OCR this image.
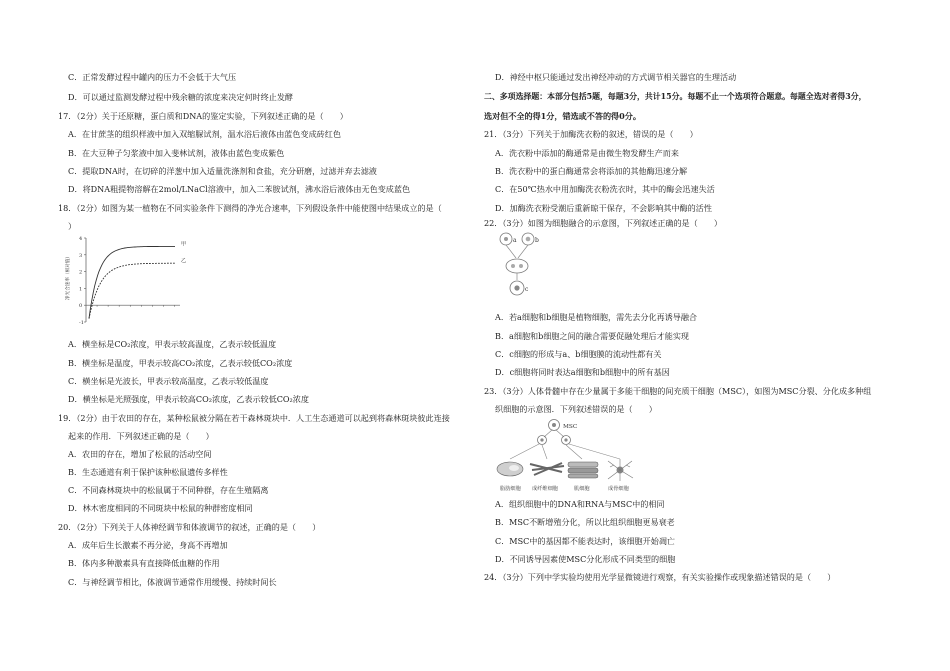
C．正常发酵过程中罐内的压力不会低于大气压
D．可以通过监测发酵过程中残余糖的浓度来决定何时终止发酵
17．（2分）关于还原糖，蛋白质和DNA的鉴定实验，下列叙述正确的是（　　）
A．在甘蔗茎的组织样液中加入双缩脲试剂，温水浴后液体由蓝色变成砖红色
B．在大豆种子匀浆液中加入斐林试剂，液体由蓝色变成紫色
C．提取DNA时，在切碎的洋葱中加入适量洗涤剂和食盐，充分研磨，过滤并弃去滤液
D．将DNA粗提物溶解在2mol/LNaCl溶液中，加入二苯胺试剂，沸水浴后液体由无色变成蓝色
18．（2分）如图为某一植物在不同实验条件下测得的净光合速率，下列假设条件中能使图中结果成立的是（
）
4
3
2
1
0
-1
净光合速率（相对值）
甲
乙
A．横坐标是CO₂浓度，甲表示较高温度，乙表示较低温度
B．横坐标是温度，甲表示较高CO₂浓度，乙表示较低CO₂浓度
C．横坐标是光波长，甲表示较高温度，乙表示较低温度
D．横坐标是光照强度，甲表示较高CO₂浓度，乙表示较低CO₂浓度
19．（2分）由于农田的存在，某种松鼠被分隔在若干森林斑块中．人工生态通道可以起到将森林斑块彼此连接
起来的作用．下列叙述正确的是（　　）
A．农田的存在，增加了松鼠的活动空间
B．生态通道有利于保护该种松鼠遗传多样性
C．不同森林斑块中的松鼠属于不同种群，存在生殖隔离
D．林木密度相同的不同斑块中松鼠的种群密度相同
20．（2分）下列关于人体神经调节和体液调节的叙述，正确的是（　　）
A．成年后生长激素不再分泌，身高不再增加
B．体内多种激素具有直接降低血糖的作用
C．与神经调节相比，体液调节通常作用缓慢、持续时间长
D．神经中枢只能通过发出神经冲动的方式调节相关器官的生理活动
二、多项选择题：本部分包括5题，每题3分，共计15分。每题不止一个选项符合题意。每题全选对者得3分，
选对但不全的得1分，错选或不答的得0分。
21．（3分）下列关于加酶洗衣粉的叙述，错误的是（　　）
A．洗衣粉中添加的酶通常是由微生物发酵生产而来
B．洗衣粉中的蛋白酶通常会将添加的其他酶迅速分解
C．在50℃热水中用加酶洗衣粉洗衣时，其中的酶会迅速失活
D．加酶洗衣粉受潮后重新晾干保存，不会影响其中酶的活性
22．（3分）如图为细胞融合的示意图，下列叙述正确的是（　　）
a	b
c
A．若a细胞和b细胞是植物细胞，需先去分化再诱导融合
B．a细胞和b细胞之间的融合需要促融处理后才能实现
C．c细胞的形成与a、b细胞膜的流动性都有关
D．c细胞将同时表达a细胞和b细胞中的所有基因
23．（3分）人体骨髓中存在少量属于多能干细胞的间充质干细胞（MSC），如图为MSC分裂、分化成多种组
织细胞的示意图．下列叙述错误的是（　　）
MSC
脂肪细胞 成纤维细胞	肌细胞	成骨细胞
A．组织细胞中的DNA和RNA与MSC中的相同
B．MSC不断增殖分化，所以比组织细胞更易衰老
C．MSC中的基因都不能表达时，该细胞开始凋亡
D．不同诱导因素使MSC分化形成不同类型的细胞
24．（3分）下列中学实验均使用光学显微镜进行观察，有关实验操作或现象描述错误的是（　　）
